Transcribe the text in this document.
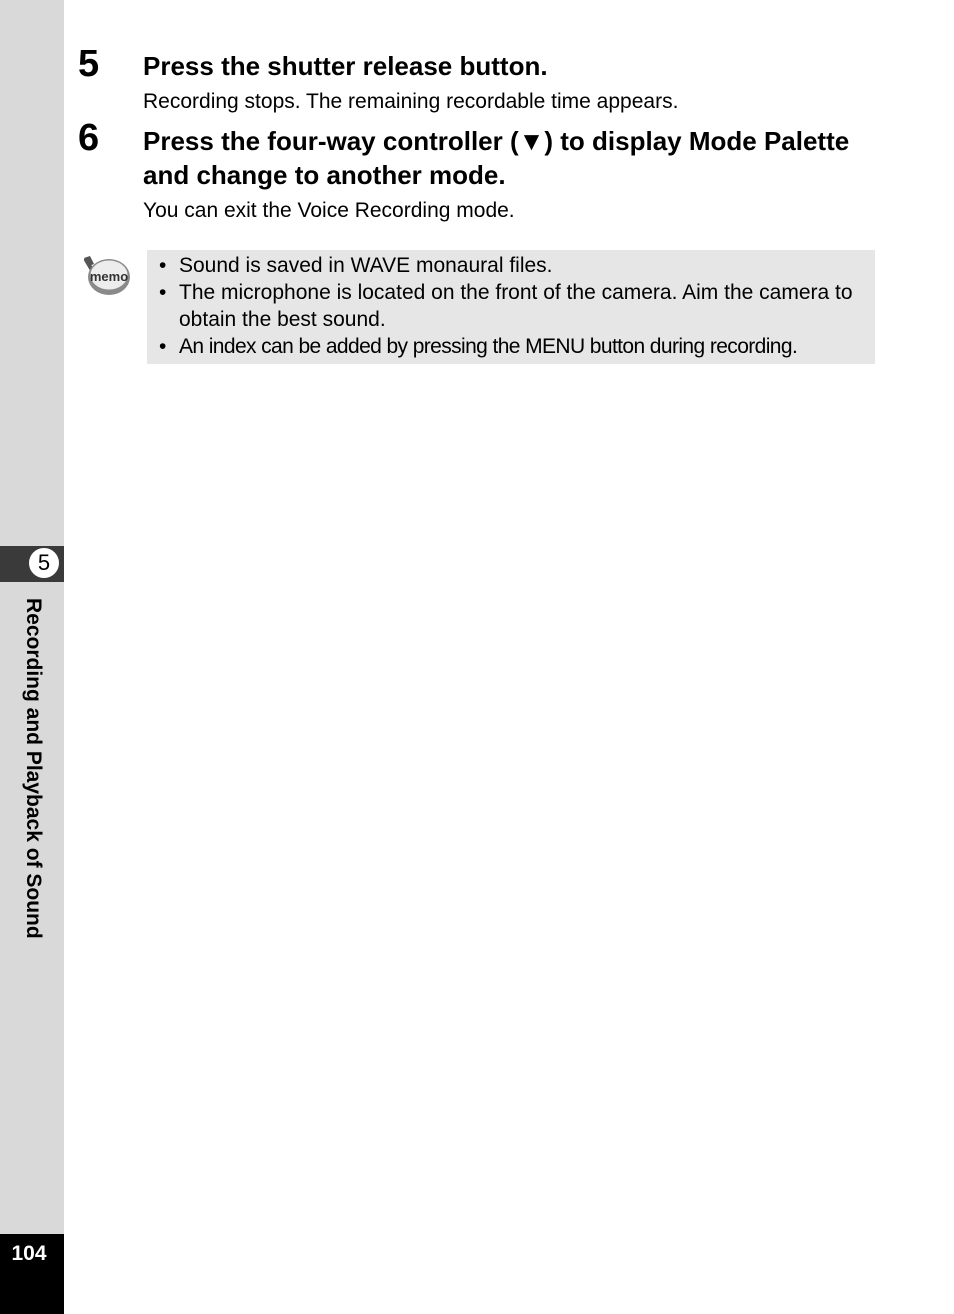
5
Recording and Playback of Sound
104
5 Press the shutter release button.
Recording stops. The remaining recordable time appears.
6 Press the four-way controller (▼) to display Mode Palette and change to another mode.
You can exit the Voice Recording mode.
memo • Sound is saved in WAVE monaural files.
• The microphone is located on the front of the camera. Aim the camera to obtain the best sound.
• An index can be added by pressing the MENU button during recording.
